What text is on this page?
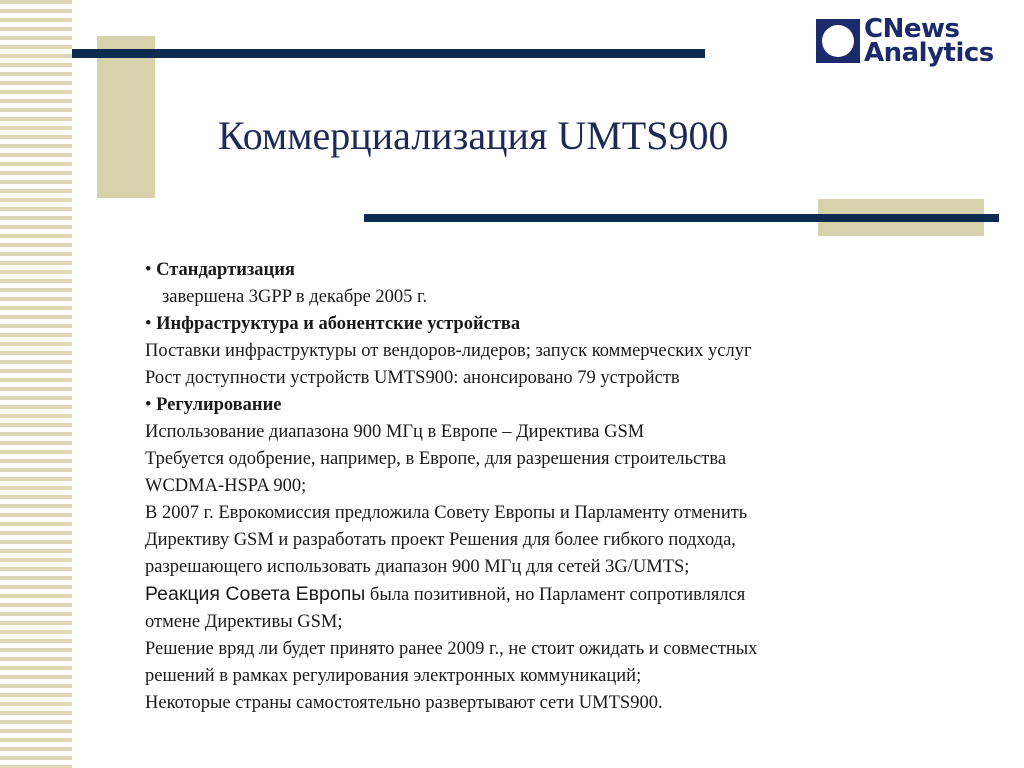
CNews
Analytics
Коммерциализация UMTS900
• Стандартизация
завершена 3GPP в декабре 2005 г.
• Инфраструктура и абонентские устройства
Поставки инфраструктуры от вендоров-лидеров; запуск коммерческих услуг
Рост доступности устройств UMTS900: анонсировано 79 устройств
• Регулирование
Использование диапазона 900 МГц в Европе – Директива GSM
Требуется одобрение, например, в Европе, для разрешения строительства
WCDMA-HSPA 900;
В 2007 г. Еврокомиссия предложила Совету Европы и Парламенту отменить
Директиву GSM и разработать проект Решения для более гибкого подхода,
разрешающего использовать диапазон 900 МГц для сетей 3G/UMTS;
Реакция Совета Европы была позитивной, но Парламент сопротивлялся
отмене Директивы GSM;
Решение вряд ли будет принято ранее 2009 г., не стоит ожидать и совместных
решений в рамках регулирования электронных коммуникаций;
Некоторые страны самостоятельно развертывают сети UMTS900.
